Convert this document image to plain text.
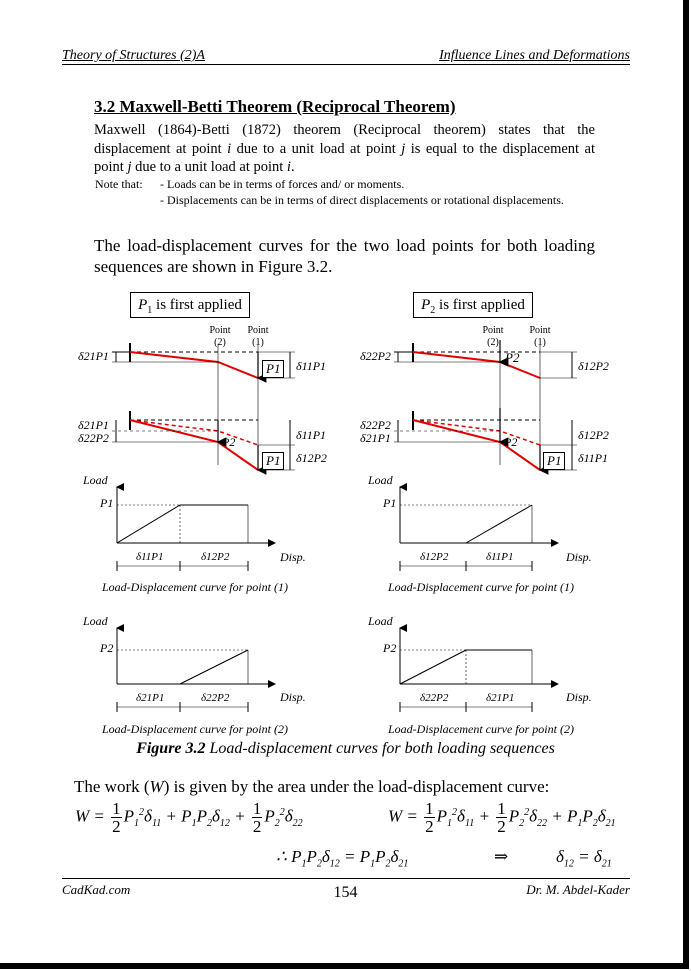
Theory of Structures (2)A	Influence Lines and Deformations
3.2 Maxwell-Betti Theorem (Reciprocal Theorem)
Maxwell (1864)-Betti (1872) theorem (Reciprocal theorem) states that the displacement at point i due to a unit load at point j is equal to the displacement at point j due to a unit load at point i.
Note that: - Loads can be in terms of forces and/ or moments.
- Displacements can be in terms of direct displacements or rotational displacements.
The load-displacement curves for the two load points for both loading sequences are shown in Figure 3.2.
$P_1$ is first applied	$P_2$ is first applied
Point
(2)
Point
(1)
Point
(2)
Point
(1)
δ21P1
δ11P1
P1
δ21P1
δ22P2	δ11P1
δ12P2
P2
P1
δ22P2
δ12P2
P2
δ22P2
δ21P1	δ12P2
δ11P1
P2
P1
Load
P1
Disp.
δ11P1	δ12P2
Load-Displacement curve for point (1)
Load
P1
Disp.
δ12P2	δ11P1
Load-Displacement curve for point (1)
Load
P2
Disp.
δ21P1	δ22P2
Load-Displacement curve for point (2)
Load
P2
Disp.
δ22P2	δ21P1
Load-Displacement curve for point (2)
Figure 3.2 Load-displacement curves for both loading sequences
The work (W) is given by the area under the load-displacement curve:
$W = \frac{1}{2} P_1^2\delta_{11} + P_1P_2\delta_{12} + \frac{1}{2} P_2^2\delta_{22}$	$W = \frac{1}{2} P_1^2\delta_{11} + \frac{1}{2} P_2^2\delta_{22} + P_1P_2\delta_{21}$
∴ $P_1P_2\delta_{12} = P_1P_2\delta_{21}$	⇒	$\delta_{12} = \delta_{21}$
CadKad.com	154	Dr. M. Abdel-Kader
